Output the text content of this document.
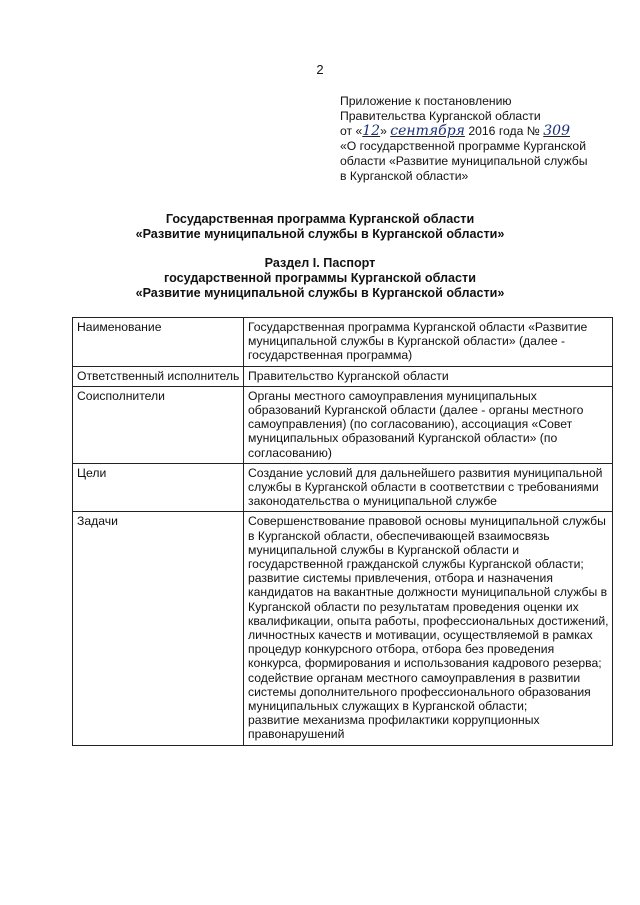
2
Приложение к постановлению
Правительства Курганской области
от «12» сентября 2016 года № 309
«О государственной программе Курганской
области «Развитие муниципальной службы
в Курганской области»
Государственная программа Курганской области
«Развитие муниципальной службы в Курганской области»
Раздел I. Паспорт
государственной программы Курганской области
«Развитие муниципальной службы в Курганской области»
Наименование	Государственная программа Курганской области «Развитие муниципальной службы в Курганской области» (далее - государственная программа)
Ответственный исполнитель	Правительство Курганской области
Соисполнители	Органы местного самоуправления муниципальных образований Курганской области (далее - органы местного самоуправления) (по согласованию), ассоциация «Совет муниципальных образований Курганской области» (по согласованию)
Цели	Создание условий для дальнейшего развития муниципальной службы в Курганской области в соответствии с требованиями законодательства о муниципальной службе
Задачи	Совершенствование правовой основы муниципальной службы в Курганской области, обеспечивающей взаимосвязь муниципальной службы в Курганской области и государственной гражданской службы Курганской области;
развитие системы привлечения, отбора и назначения кандидатов на вакантные должности муниципальной службы в Курганской области по результатам проведения оценки их квалификации, опыта работы, профессиональных достижений, личностных качеств и мотивации, осуществляемой в рамках процедур конкурсного отбора, отбора без проведения конкурса, формирования и использования кадрового резерва;
содействие органам местного самоуправления в развитии системы дополнительного профессионального образования муниципальных служащих в Курганской области;
развитие механизма профилактики коррупционных правонарушений
